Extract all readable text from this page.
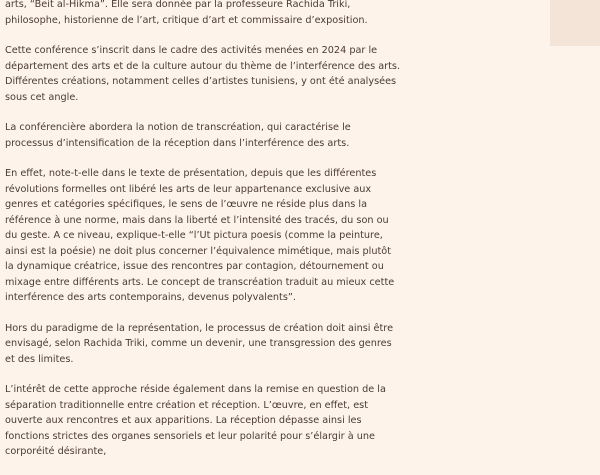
arts, “Beit al-Hikma”. Elle sera donnée par la professeure Rachida Triki, philosophe, historienne de l’art, critique d’art et commissaire d’exposition.

Cette conférence s’inscrit dans le cadre des activités menées en 2024 par le département des arts et de la culture autour du thème de l’interférence des arts. Différentes créations, notamment celles d’artistes tunisiens, y ont été analysées sous cet angle.

La conférencière abordera la notion de transcréation, qui caractérise le processus d’intensification de la réception dans l’interférence des arts.

En effet, note-t-elle dans le texte de présentation, depuis que les différentes révolutions formelles ont libéré les arts de leur appartenance exclusive aux genres et catégories spécifiques, le sens de l’œuvre ne réside plus dans la référence à une norme, mais dans la liberté et l’intensité des tracés, du son ou du geste. A ce niveau, explique-t-elle “l’Ut pictura poesis (comme la peinture, ainsi est la poésie) ne doit plus concerner l’équivalence mimétique, mais plutôt la dynamique créatrice, issue des rencontres par contagion, détournement ou mixage entre différents arts. Le concept de transcréation traduit au mieux cette interférence des arts contemporains, devenus polyvalents”.

Hors du paradigme de la représentation, le processus de création doit ainsi être envisagé, selon Rachida Triki, comme un devenir, une transgression des genres et des limites.

L’intérêt de cette approche réside également dans la remise en question de la séparation traditionnelle entre création et réception. L’œuvre, en effet, est ouverte aux rencontres et aux apparitions. La réception dépasse ainsi les fonctions strictes des organes sensoriels et leur polarité pour s’élargir à une corporéité désirante,
